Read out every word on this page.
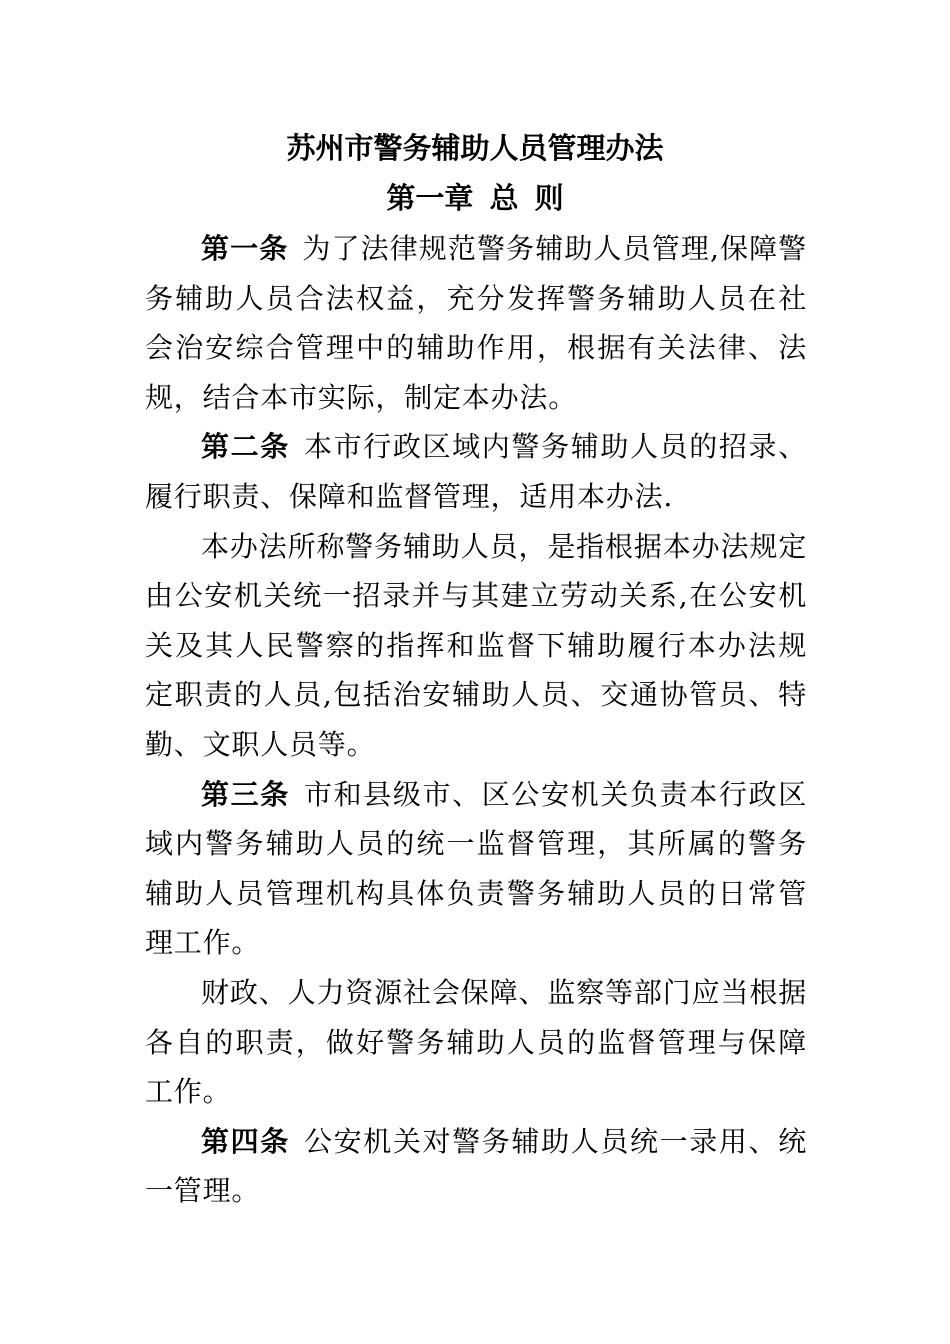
苏州市警务辅助人员管理办法
第一章 总 则

第一条 为了法律规范警务辅助人员管理,保障警务辅助人员合法权益，充分发挥警务辅助人员在社会治安综合管理中的辅助作用，根据有关法律、法规，结合本市实际，制定本办法。

第二条 本市行政区域内警务辅助人员的招录、履行职责、保障和监督管理，适用本办法.

本办法所称警务辅助人员，是指根据本办法规定由公安机关统一招录并与其建立劳动关系,在公安机关及其人民警察的指挥和监督下辅助履行本办法规定职责的人员,包括治安辅助人员、交通协管员、特勤、文职人员等。

第三条 市和县级市、区公安机关负责本行政区域内警务辅助人员的统一监督管理，其所属的警务辅助人员管理机构具体负责警务辅助人员的日常管理工作。

财政、人力资源社会保障、监察等部门应当根据各自的职责，做好警务辅助人员的监督管理与保障工作。

第四条 公安机关对警务辅助人员统一录用、统一管理。
